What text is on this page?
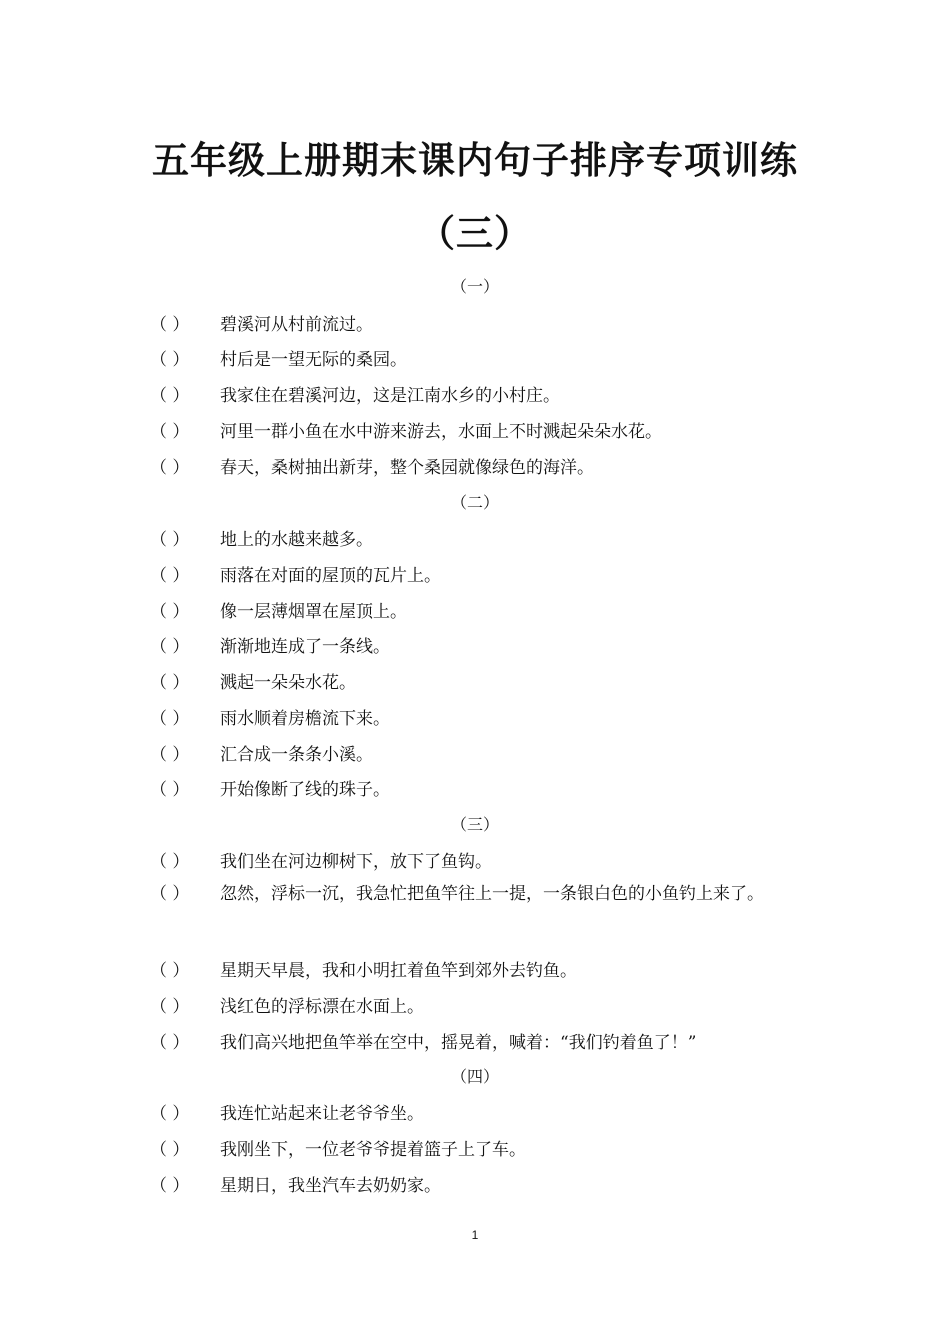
五年级上册期末课内句子排序专项训练
（三）
（一）
（ ） 碧溪河从村前流过。
（ ） 村后是一望无际的桑园。
（ ） 我家住在碧溪河边，这是江南水乡的小村庄。
（ ） 河里一群小鱼在水中游来游去，水面上不时溅起朵朵水花。
（ ） 春天，桑树抽出新芽，整个桑园就像绿色的海洋。
（二）
（ ） 地上的水越来越多。
（ ） 雨落在对面的屋顶的瓦片上。
（ ） 像一层薄烟罩在屋顶上。
（ ） 渐渐地连成了一条线。
（ ） 溅起一朵朵水花。
（ ） 雨水顺着房檐流下来。
（ ） 汇合成一条条小溪。
（ ） 开始像断了线的珠子。
（三）
（ ） 我们坐在河边柳树下，放下了鱼钩。
（ ） 忽然，浮标一沉，我急忙把鱼竿往上一提，一条银白色的小鱼钓上来了。
（ ） 星期天早晨，我和小明扛着鱼竿到郊外去钓鱼。
（ ） 浅红色的浮标漂在水面上。
（ ） 我们高兴地把鱼竿举在空中，摇晃着，喊着：“我们钓着鱼了！”
（四）
（ ） 我连忙站起来让老爷爷坐。
（ ） 我刚坐下，一位老爷爷提着篮子上了车。
（ ） 星期日，我坐汽车去奶奶家。
1
